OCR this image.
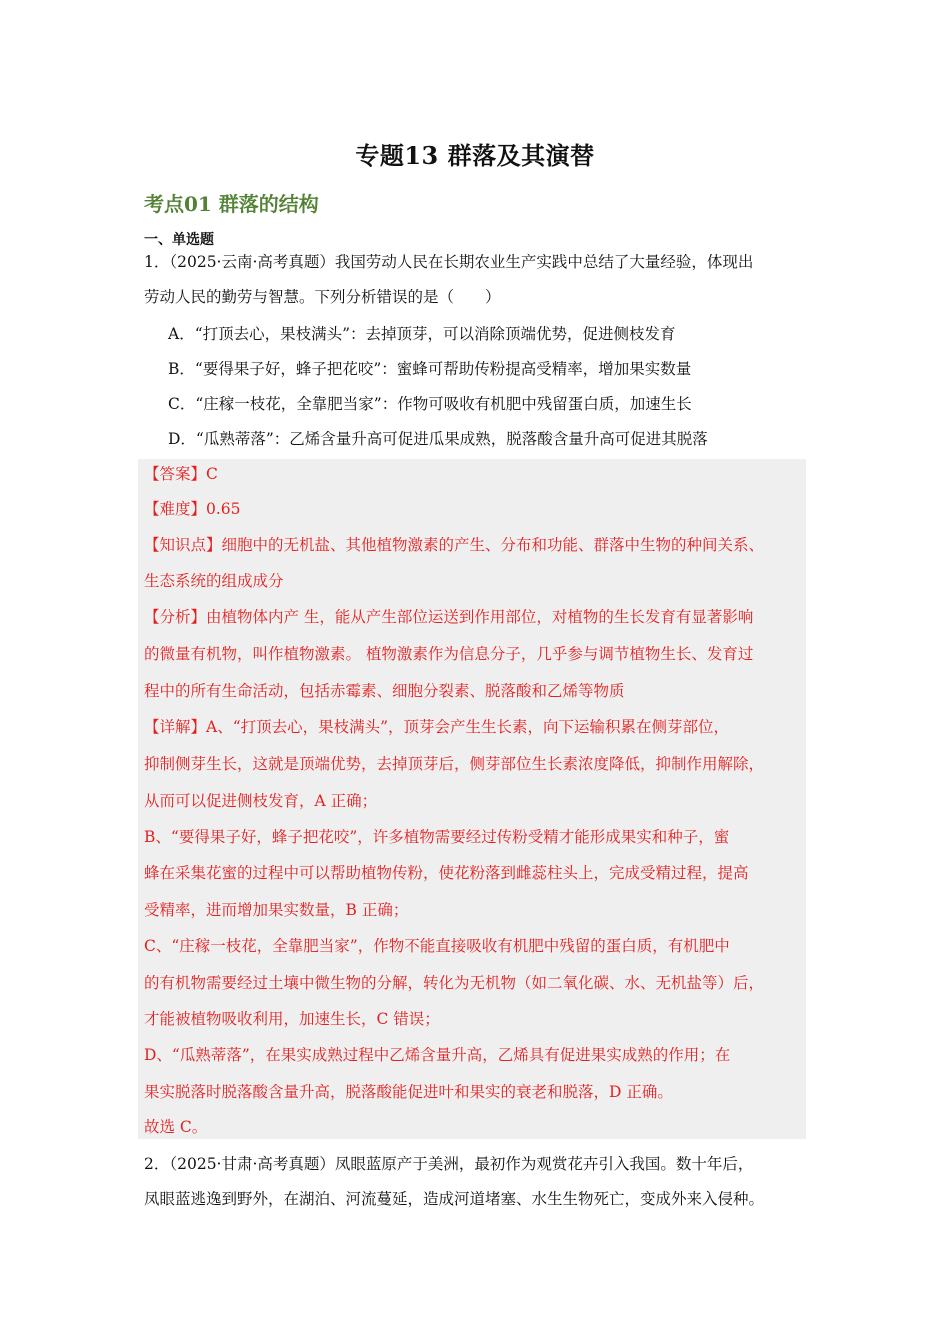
专题13 群落及其演替
考点01 群落的结构
一、单选题
1．（2025·云南·高考真题）我国劳动人民在长期农业生产实践中总结了大量经验，体现出
劳动人民的勤劳与智慧。下列分析错误的是（　　）
A．“打顶去心，果枝满头”：去掉顶芽，可以消除顶端优势，促进侧枝发育
B．“要得果子好，蜂子把花咬”：蜜蜂可帮助传粉提高受精率，增加果实数量
C．“庄稼一枝花，全靠肥当家”：作物可吸收有机肥中残留蛋白质，加速生长
D．“瓜熟蒂落”：乙烯含量升高可促进瓜果成熟，脱落酸含量升高可促进其脱落
【答案】C
【难度】0.65
【知识点】细胞中的无机盐、其他植物激素的产生、分布和功能、群落中生物的种间关系、
生态系统的组成成分
【分析】由植物体内产 生，能从产生部位运送到作用部位，对植物的生长发育有显著影响
的微量有机物，叫作植物激素。 植物激素作为信息分子，几乎参与调节植物生长、发育过
程中的所有生命活动，包括赤霉素、细胞分裂素、脱落酸和乙烯等物质
【详解】A、“打顶去心，果枝满头”，顶芽会产生生长素，向下运输积累在侧芽部位，
抑制侧芽生长，这就是顶端优势，去掉顶芽后，侧芽部位生长素浓度降低，抑制作用解除，
从而可以促进侧枝发育，A 正确；
B、“要得果子好，蜂子把花咬”，许多植物需要经过传粉受精才能形成果实和种子，蜜
蜂在采集花蜜的过程中可以帮助植物传粉，使花粉落到雌蕊柱头上，完成受精过程，提高
受精率，进而增加果实数量，B 正确；
C、“庄稼一枝花，全靠肥当家”，作物不能直接吸收有机肥中残留的蛋白质，有机肥中
的有机物需要经过土壤中微生物的分解，转化为无机物（如二氧化碳、水、无机盐等）后，
才能被植物吸收利用，加速生长，C 错误；
D、“瓜熟蒂落”，在果实成熟过程中乙烯含量升高，乙烯具有促进果实成熟的作用；在
果实脱落时脱落酸含量升高，脱落酸能促进叶和果实的衰老和脱落，D 正确。
故选 C。
2．（2025·甘肃·高考真题）凤眼蓝原产于美洲，最初作为观赏花卉引入我国。数十年后，
凤眼蓝逃逸到野外，在湖泊、河流蔓延，造成河道堵塞、水生生物死亡，变成外来入侵种。
